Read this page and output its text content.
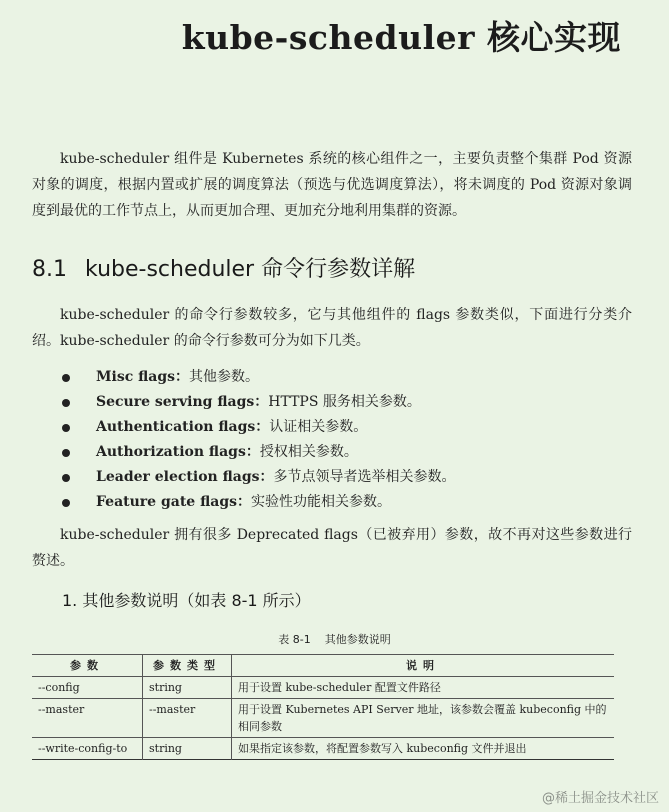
kube-scheduler 核心实现
kube-scheduler 组件是 Kubernetes 系统的核心组件之一，主要负责整个集群 Pod 资源对象的调度，根据内置或扩展的调度算法（预选与优选调度算法），将未调度的 Pod 资源对象调度到最优的工作节点上，从而更加合理、更加充分地利用集群的资源。
8.1 kube-scheduler 命令行参数详解
kube-scheduler 的命令行参数较多，它与其他组件的 flags 参数类似，下面进行分类介绍。kube-scheduler 的命令行参数可分为如下几类。
Misc flags： 其他参数。
Secure serving flags： HTTPS 服务相关参数。
Authentication flags： 认证相关参数。
Authorization flags： 授权相关参数。
Leader election flags： 多节点领导者选举相关参数。
Feature gate flags： 实验性功能相关参数。
kube-scheduler 拥有很多 Deprecated flags（已被弃用）参数，故不再对这些参数进行赘述。
1. 其他参数说明（如表 8-1 所示）
表 8-1 其他参数说明
参数	参数类型	说明
--config	string	用于设置 kube-scheduler 配置文件路径
--master	--master	用于设置 Kubernetes API Server 地址，该参数会覆盖 kubeconfig 中的相同参数
--write-config-to	string	如果指定该参数，将配置参数写入 kubeconfig 文件并退出
@稀土掘金技术社区
